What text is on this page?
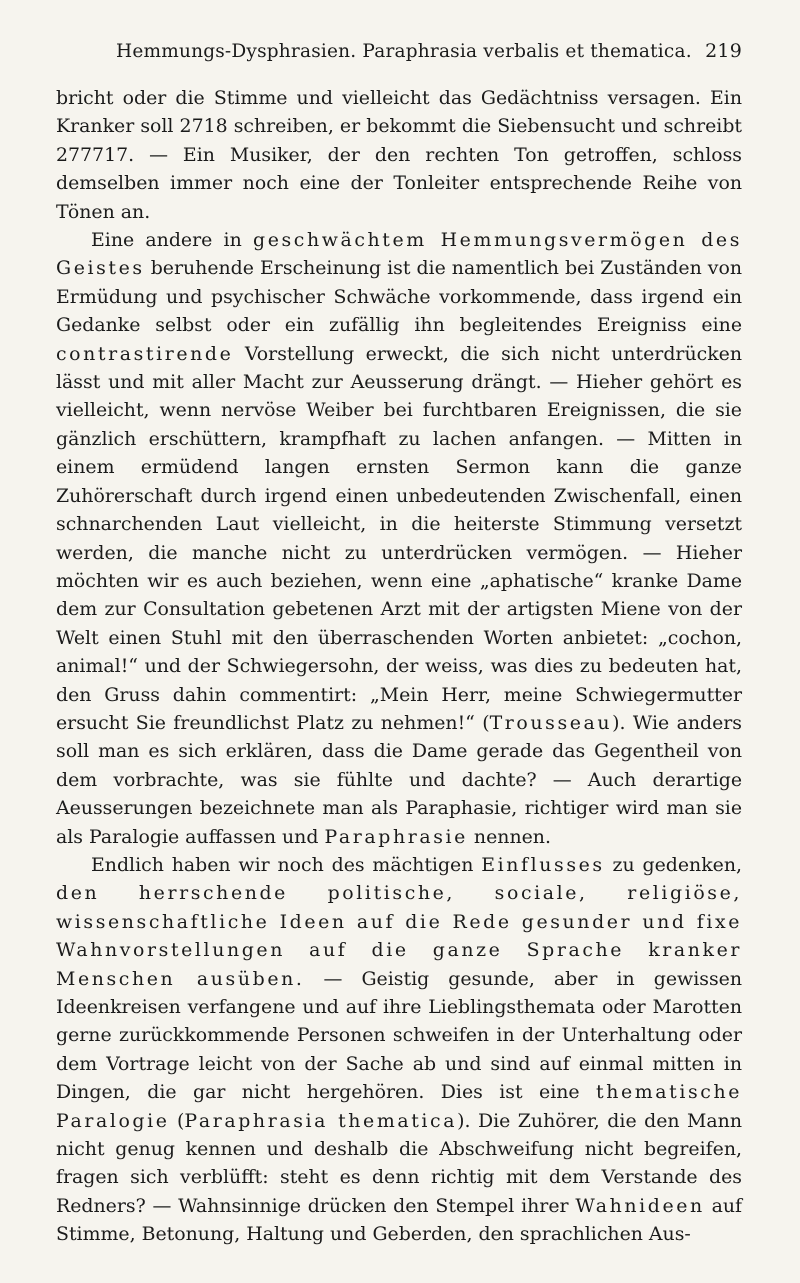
Hemmungs-Dysphrasien. Paraphrasia verbalis et thematica. 219

bricht oder die Stimme und vielleicht das Gedächtniss versagen. Ein Kranker soll 2718 schreiben, er bekommt die Siebensucht und schreibt 277717. — Ein Musiker, der den rechten Ton getroffen, schloss demselben immer noch eine der Tonleiter entsprechende Reihe von Tönen an.

Eine andere in geschwächtem Hemmungsvermögen des Geistes beruhende Erscheinung ist die namentlich bei Zuständen von Ermüdung und psychischer Schwäche vorkommende, dass irgend ein Gedanke selbst oder ein zufällig ihn begleitendes Ereigniss eine contrastirende Vorstellung erweckt, die sich nicht unterdrücken lässt und mit aller Macht zur Aeusserung drängt. — Hieher gehört es vielleicht, wenn nervöse Weiber bei furchtbaren Ereignissen, die sie gänzlich erschüttern, krampfhaft zu lachen anfangen. — Mitten in einem ermüdend langen ernsten Sermon kann die ganze Zuhörerschaft durch irgend einen unbedeutenden Zwischenfall, einen schnarchenden Laut vielleicht, in die heiterste Stimmung versetzt werden, die manche nicht zu unterdrücken vermögen. — Hieher möchten wir es auch beziehen, wenn eine „aphatische“ kranke Dame dem zur Consultation gebetenen Arzt mit der artigsten Miene von der Welt einen Stuhl mit den überraschenden Worten anbietet: „cochon, animal!“ und der Schwiegersohn, der weiss, was dies zu bedeuten hat, den Gruss dahin commentirt: „Mein Herr, meine Schwiegermutter ersucht Sie freundlichst Platz zu nehmen!“ (Trousseau). Wie anders soll man es sich erklären, dass die Dame gerade das Gegentheil von dem vorbrachte, was sie fühlte und dachte? — Auch derartige Aeusserungen bezeichnete man als Paraphasie, richtiger wird man sie als Paralogie auffassen und Paraphrasie nennen.

Endlich haben wir noch des mächtigen Einflusses zu gedenken, den herrschende politische, sociale, religiöse, wissenschaftliche Ideen auf die Rede gesunder und fixe Wahnvorstellungen auf die ganze Sprache kranker Menschen ausüben. — Geistig gesunde, aber in gewissen Ideenkreisen verfangene und auf ihre Lieblingsthemata oder Marotten gerne zurückkommende Personen schweifen in der Unterhaltung oder dem Vortrage leicht von der Sache ab und sind auf einmal mitten in Dingen, die gar nicht hergehören. Dies ist eine thematische Paralogie (Paraphrasia thematica). Die Zuhörer, die den Mann nicht genug kennen und deshalb die Abschweifung nicht begreifen, fragen sich verblüfft: steht es denn richtig mit dem Verstande des Redners? — Wahnsinnige drücken den Stempel ihrer Wahnideen auf Stimme, Betonung, Haltung und Geberden, den sprachlichen Aus-
